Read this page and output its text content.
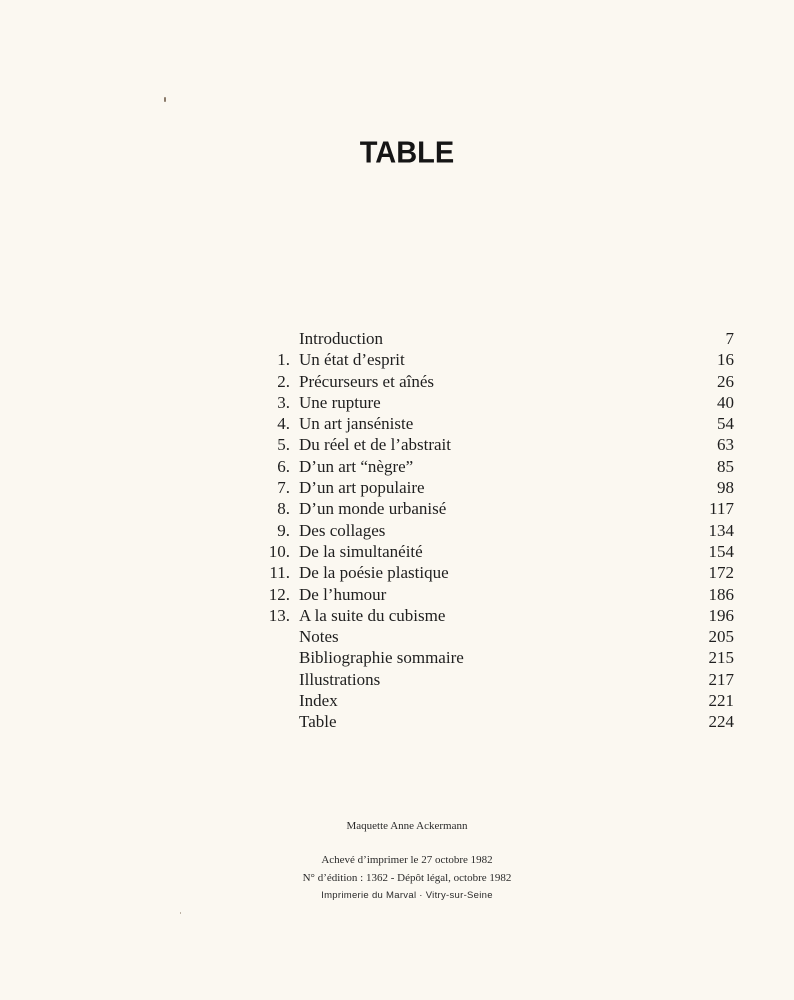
TABLE
Introduction	7
1. Un état d’esprit	16
2. Précurseurs et aînés	26
3. Une rupture	40
4. Un art janséniste	54
5. Du réel et de l’abstrait	63
6. D’un art “nègre”	85
7. D’un art populaire	98
8. D’un monde urbanisé	117
9. Des collages	134
10. De la simultanéité	154
11. De la poésie plastique	172
12. De l’humour	186
13. A la suite du cubisme	196
Notes	205
Bibliographie sommaire	215
Illustrations	217
Index	221
Table	224
Maquette Anne Ackermann
Achevé d’imprimer le 27 octobre 1982
N° d’édition : 1362 - Dépôt légal, octobre 1982
Imprimerie du Marval · Vitry-sur-Seine
